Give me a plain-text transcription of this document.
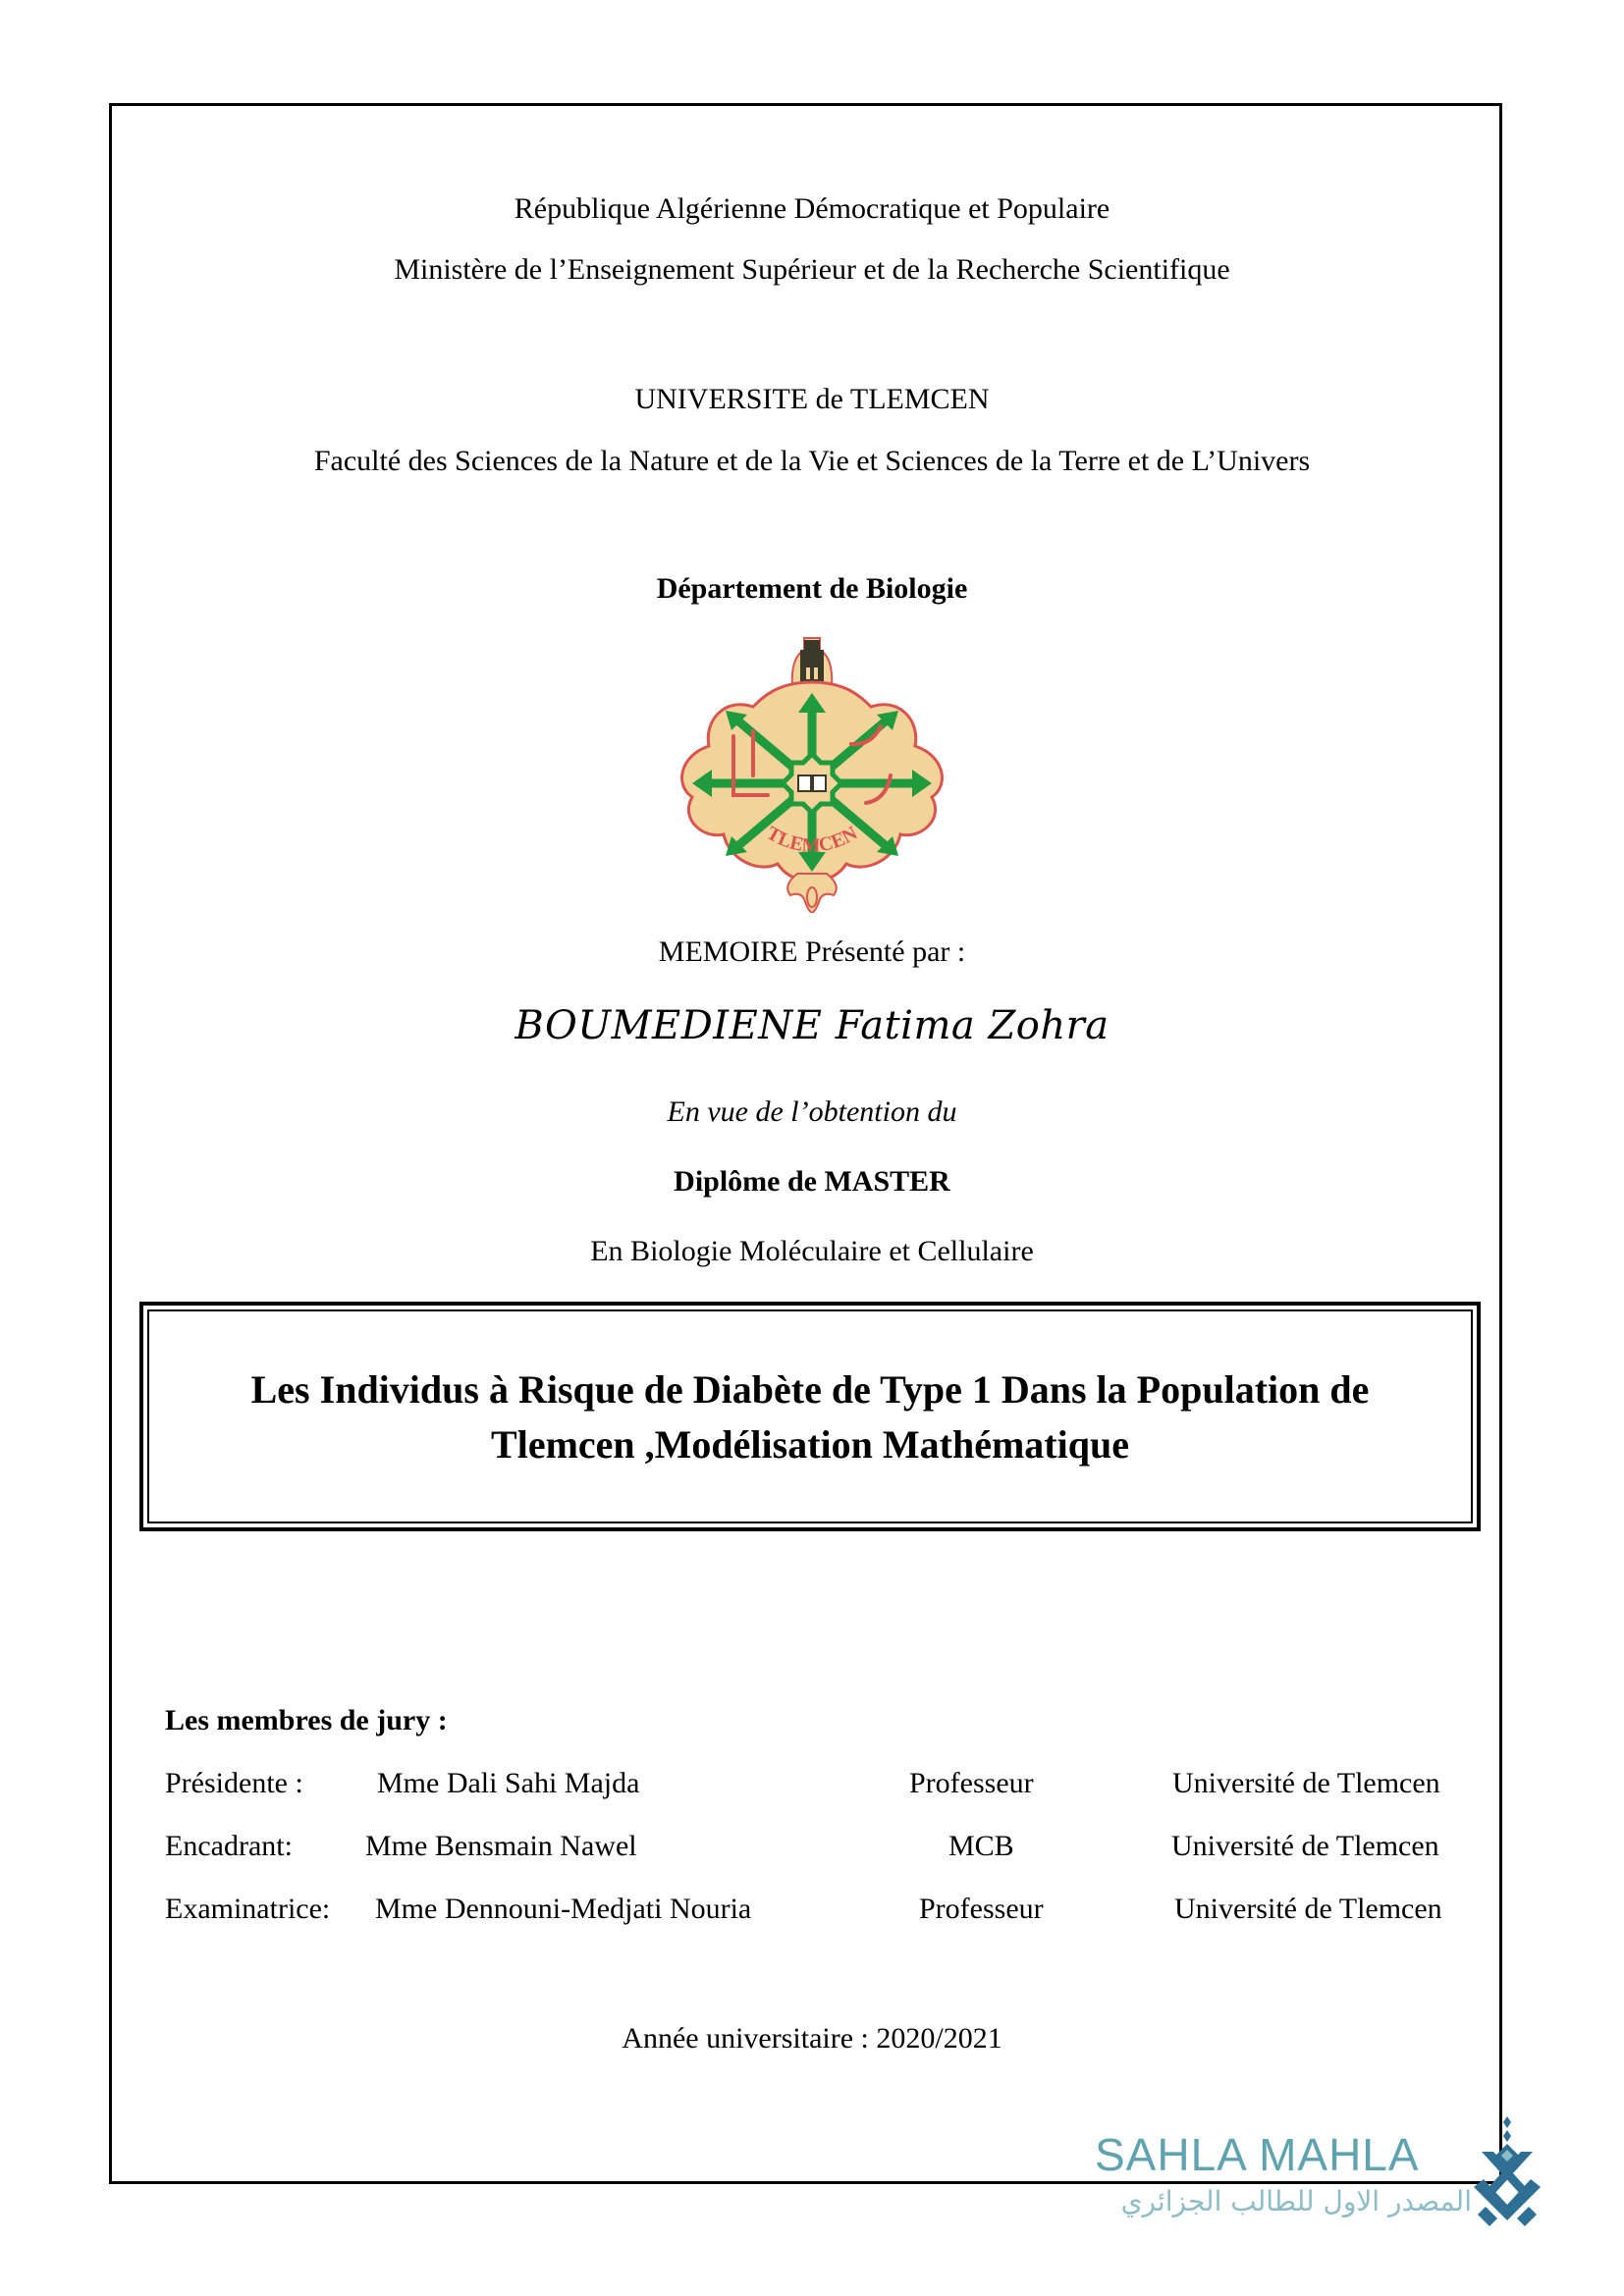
République Algérienne Démocratique et Populaire
Ministère de l’Enseignement Supérieur et de la Recherche Scientifique
UNIVERSITE de TLEMCEN
Faculté des Sciences de la Nature et de la Vie et Sciences de la Terre et de L’Univers
Département de Biologie
TLEMCEN
MEMOIRE Présenté par :
BOUMEDIENE Fatima Zohra
En vue de l’obtention du
Diplôme de MASTER
En Biologie Moléculaire et Cellulaire
Les Individus à Risque de Diabète de Type 1 Dans la Population de
Tlemcen ,Modélisation Mathématique
Les membres de jury :
Présidente :	Mme Dali Sahi Majda	Professeur	Université de Tlemcen
Encadrant: Mme Bensmain Nawel	MCB	Université de Tlemcen
Examinatrice: Mme Dennouni-Medjati Nouria	Professeur	Université de Tlemcen
Année universitaire : 2020/2021
SAHLA MAHLA
المصدر الاول للطالب الجزائري
